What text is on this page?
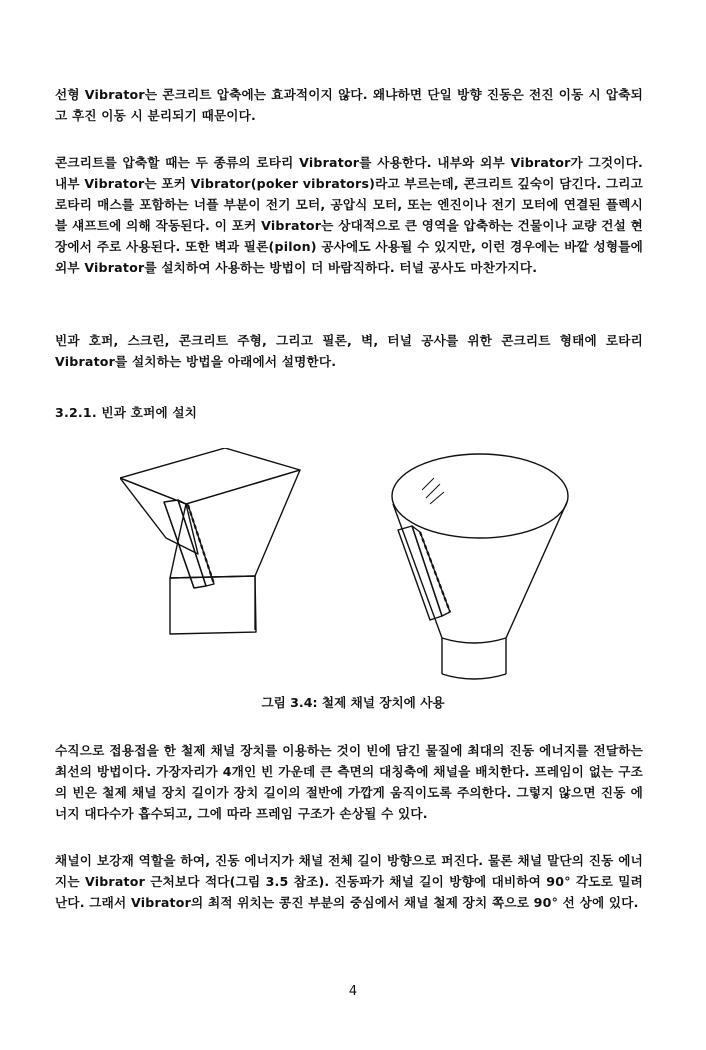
선형 Vibrator는 콘크리트 압축에는 효과적이지 않다. 왜냐하면 단일 방향 진동은 전진 이동 시 압축되고 후진 이동 시 분리되기 때문이다.
콘크리트를 압축할 때는 두 종류의 로타리 Vibrator를 사용한다. 내부와 외부 Vibrator가 그것이다. 내부 Vibrator는 포커 Vibrator(poker vibrators)라고 부르는데, 콘크리트 깊숙이 담긴다. 그리고 로타리 매스를 포함하는 너플 부분이 전기 모터, 공압식 모터, 또는 엔진이나 전기 모터에 연결된 플렉시블 섀프트에 의해 작동된다. 이 포커 Vibrator는 상대적으로 큰 영역을 압축하는 건물이나 교량 건설 현장에서 주로 사용된다. 또한 벽과 필론(pilon) 공사에도 사용될 수 있지만, 이런 경우에는 바깥 성형틀에 외부 Vibrator를 설치하여 사용하는 방법이 더 바람직하다. 터널 공사도 마찬가지다.
빈과 호퍼, 스크린, 콘크리트 주형, 그리고 필론, 벽, 터널 공사를 위한 콘크리트 형태에 로타리 Vibrator를 설치하는 방법을 아래에서 설명한다.
3.2.1. 빈과 호퍼에 설치
그림 3.4: 철제 채널 장치에 사용
수직으로 접용접을 한 철제 채널 장치를 이용하는 것이 빈에 담긴 물질에 최대의 진동 에너지를 전달하는 최선의 방법이다. 가장자리가 4개인 빈 가운데 큰 측면의 대칭축에 채널을 배치한다. 프레임이 없는 구조의 빈은 철제 채널 장치 길이가 장치 길이의 절반에 가깝게 움직이도록 주의한다. 그렇지 않으면 진동 에너지 대다수가 흡수되고, 그에 따라 프레임 구조가 손상될 수 있다.
채널이 보강재 역할을 하여, 진동 에너지가 채널 전체 길이 방향으로 퍼진다. 물론 채널 말단의 진동 에너지는 Vibrator 근처보다 적다(그림 3.5 참조). 진동파가 채널 길이 방향에 대비하여 90° 각도로 밀려난다. 그래서 Vibrator의 최적 위치는 콩진 부분의 중심에서 채널 철제 장치 쪽으로 90° 선 상에 있다.
4
